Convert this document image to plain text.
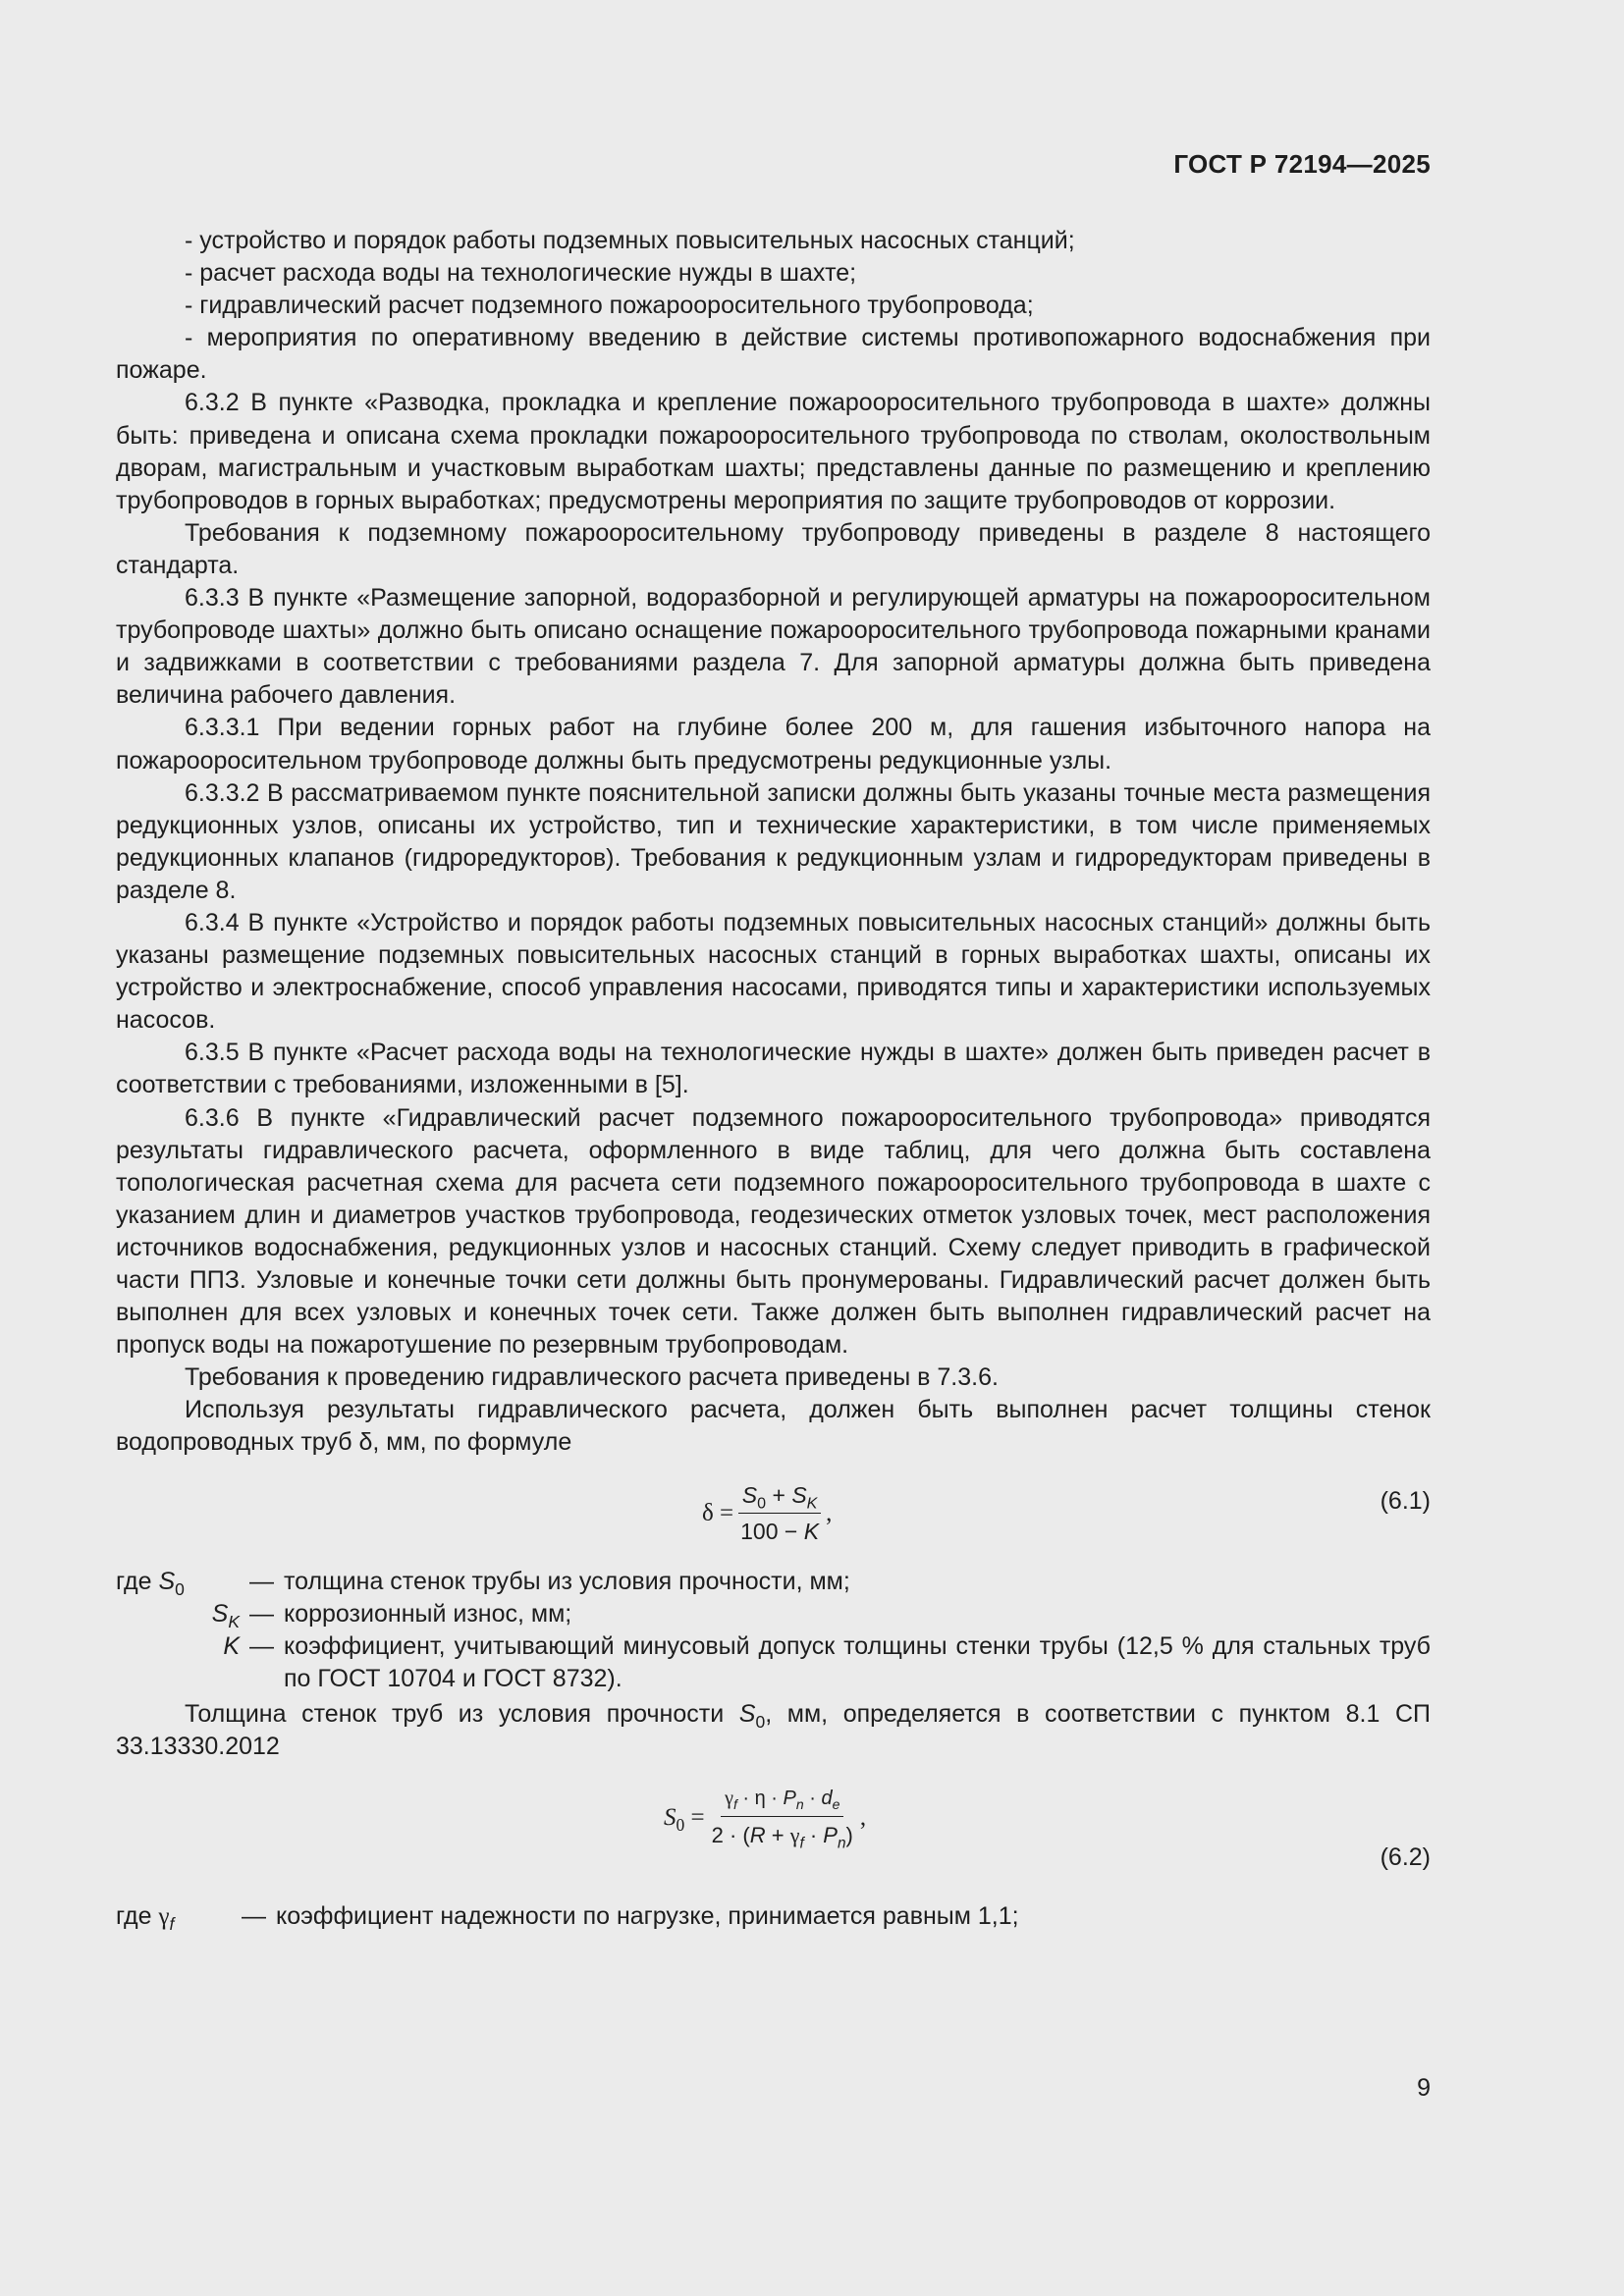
ГОСТ Р 72194—2025

- устройство и порядок работы подземных повысительных насосных станций;

- расчет расхода воды на технологические нужды в шахте;

- гидравлический расчет подземного пожарооросительного трубопровода;

- мероприятия по оперативному введению в действие системы противопожарного водоснабжения при пожаре.

6.3.2 В пункте «Разводка, прокладка и крепление пожарооросительного трубопровода в шахте» должны быть: приведена и описана схема прокладки пожарооросительного трубопровода по стволам, околоствольным дворам, магистральным и участковым выработкам шахты; представлены данные по размещению и креплению трубопроводов в горных выработках; предусмотрены мероприятия по защите трубопроводов от коррозии.

Требования к подземному пожарооросительному трубопроводу приведены в разделе 8 настоящего стандарта.

6.3.3 В пункте «Размещение запорной, водоразборной и регулирующей арматуры на пожарооросительном трубопроводе шахты» должно быть описано оснащение пожарооросительного трубопровода пожарными кранами и задвижками в соответствии с требованиями раздела 7. Для запорной арматуры должна быть приведена величина рабочего давления.

6.3.3.1 При ведении горных работ на глубине более 200 м, для гашения избыточного напора на пожарооросительном трубопроводе должны быть предусмотрены редукционные узлы.

6.3.3.2 В рассматриваемом пункте пояснительной записки должны быть указаны точные места размещения редукционных узлов, описаны их устройство, тип и технические характеристики, в том числе применяемых редукционных клапанов (гидроредукторов). Требования к редукционным узлам и гидроредукторам приведены в разделе 8.

6.3.4 В пункте «Устройство и порядок работы подземных повысительных насосных станций» должны быть указаны размещение подземных повысительных насосных станций в горных выработках шахты, описаны их устройство и электроснабжение, способ управления насосами, приводятся типы и характеристики используемых насосов.

6.3.5 В пункте «Расчет расхода воды на технологические нужды в шахте» должен быть приведен расчет в соответствии с требованиями, изложенными в [5].

6.3.6 В пункте «Гидравлический расчет подземного пожарооросительного трубопровода» приводятся результаты гидравлического расчета, оформленного в виде таблиц, для чего должна быть составлена топологическая расчетная схема для расчета сети подземного пожарооросительного трубопровода в шахте с указанием длин и диаметров участков трубопровода, геодезических отметок узловых точек, мест расположения источников водоснабжения, редукционных узлов и насосных станций. Схему следует приводить в графической части ППЗ. Узловые и конечные точки сети должны быть пронумерованы. Гидравлический расчет должен быть выполнен для всех узловых и конечных точек сети. Также должен быть выполнен гидравлический расчет на пропуск воды на пожаротушение по резервным трубопроводам.

Требования к проведению гидравлического расчета приведены в 7.3.6.

Используя результаты гидравлического расчета, должен быть выполнен расчет толщины стенок водопроводных труб δ, мм, по формуле

$\delta = \frac{S_0 + S_K}{100 - K}$ ,	(6.1)
где $S_0$	— толщина стенок трубы из условия прочности, мм;
$S_K$ — коррозионный износ, мм;
K — коэффициент, учитывающий минусовый допуск толщины стенки трубы (12,5 % для стальных труб по ГОСТ 10704 и ГОСТ 8732).

Толщина стенок труб из условия прочности $S_0$, мм, определяется в соответствии с пунктом 8.1 СП 33.13330.2012

$S_0 = \frac{\gamma_f \cdot \eta \cdot P_n \cdot d_e}{2 \cdot (R + \gamma_f \cdot P_n)}$ ,
(6.2)
где $\gamma_f$	— коэффициент надежности по нагрузке, принимается равным 1,1;
9
